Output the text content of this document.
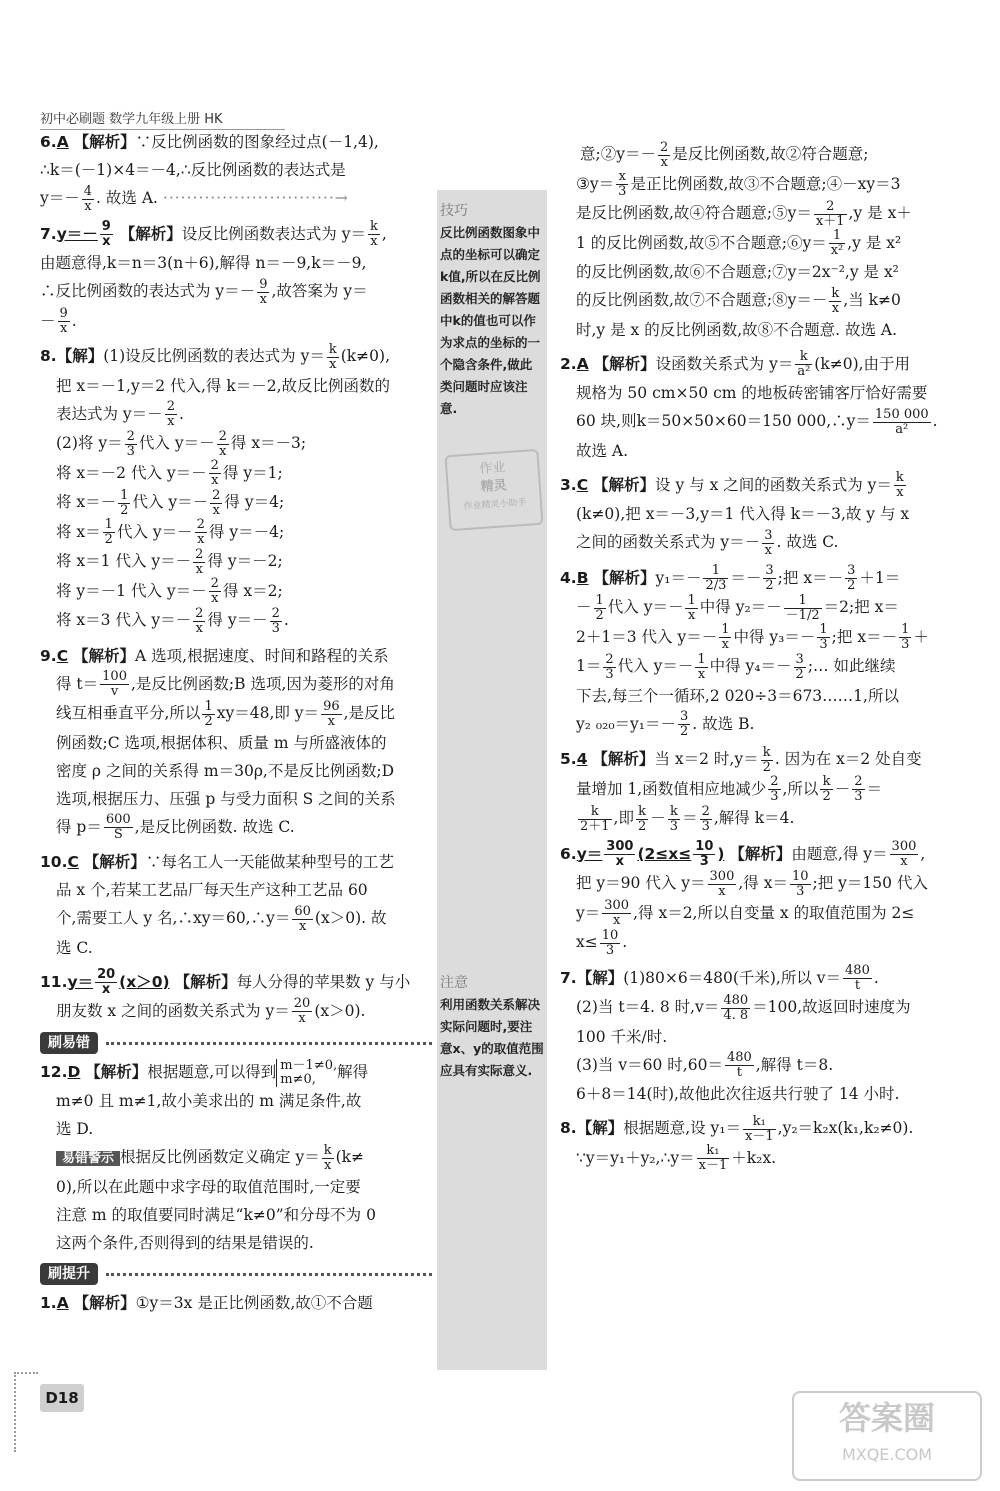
初中必刷题 数学九年级上册 HK
技巧
反比例函数图象中点的坐标可以确定k值,所以在反比例函数相关的解答题中k的值也可以作为求点的坐标的一个隐含条件,做此类问题时应该注意.
作业
精灵
作业精灵小助手
注意
利用函数关系解决实际问题时,要注意x、y的取值范围应具有实际意义.
6.A 【解析】∵反比例函数的图象经过点(－1,4),
∴k＝(－1)×4＝－4,∴反比例函数的表达式是
$y=- \frac{4}{x}$ . 故选 A. ·····························→
$7.y=- \frac{9}{x}$ 【解析】设反比例函数表达式为 $y= \frac{k}{x}$ ,
由题意得,k＝n＝3(n＋6),解得 n＝－9,k＝－9,
∴反比例函数的表达式为 $y=- \frac{9}{x}$ ,故答案为 y＝
－ $\frac{9}{x}$ .
8.【解】(1)设反比例函数的表达式为 $y= \frac{k}{x} (k\ne 0)$,
把 x＝－1,y＝2 代入,得 k＝－2,故反比例函数的
表达式为 $y=- \frac{2}{x}$ .
(2)将 $y= \frac{2}{3}$ 代入 $y=- \frac{2}{x}$ 得 x＝－3;
将 x＝－2 代入 $y=- \frac{2}{x}$ 得 y＝1;
将 $x=- \frac{1}{2}$ 代入 $y=- \frac{2}{x}$ 得 y＝4;
将 $x= \frac{1}{2}$ 代入 $y=- \frac{2}{x}$ 得 y＝－4;
将 x＝1 代入 $y=- \frac{2}{x}$ 得 y＝－2;
将 y＝－1 代入 $y=- \frac{2}{x}$ 得 x＝2;
将 x＝3 代入 $y=- \frac{2}{x}$ 得 $y=- \frac{2}{3}$ .
9.C 【解析】A 选项,根据速度、时间和路程的关系
得 $t= \frac{100}{v}$ ,是反比例函数;B 选项,因为菱形的对角
线互相垂直平分,所以 $\frac{1}{2} xy=48$,即 $y= \frac{96}{x}$ ,是反比
例函数;C 选项,根据体积、质量 m 与所盛液体的
密度 ρ 之间的关系得 m＝30ρ,不是反比例函数;D
选项,根据压力、压强 p 与受力面积 S 之间的关系
得 $p= \frac{600}{S}$ ,是反比例函数. 故选 C.
10.C 【解析】∵每名工人一天能做某种型号的工艺
品 x 个,若某工艺品厂每天生产这种工艺品 60
个,需要工人 y 名,∴xy＝60,∴y＝ $\frac{60}{x} (x>0)$. 故
选 C.
$11.y= \frac{20}{x} (x>0)$ 【解析】每人分得的苹果数 y 与小
朋友数 x 之间的函数关系式为 $y= \frac{20}{x} (x>0)$.
刷易错
12.D 【解析】根据题意,可以得到 m－1≠0,
m≠0,	解得
m≠0 且 m≠1,故小美求出的 m 满足条件,故
选 D.
易错警示 根据反比例函数定义确定 $y= \frac{k}{x} (k\ne$
0),所以在此题中求字母的取值范围时,一定要
注意 m 的取值要同时满足“k≠0”和分母不为 0
这两个条件,否则得到的结果是错误的.
刷提升
1.A 【解析】①y＝3x 是正比例函数,故①不合题
意;②y＝－ $\frac{2}{x}$ 是反比例函数,故②符合题意;
③y＝ $\frac{x}{3}$ 是正比例函数,故③不合题意;④－xy＝3
是反比例函数,故④符合题意;⑤y＝ $\frac{2}{x+1} ,y$ 是 x＋
1 的反比例函数,故⑤不合题意;⑥y＝ $\frac{1}{\text{x²}} ,y$ 是 x²
的反比例函数,故⑥不合题意;⑦y＝2x⁻²,y 是 x²
的反比例函数,故⑦不合题意;⑧y＝－ $\frac{k}{x}$ ,当 k≠0
时,y 是 x 的反比例函数,故⑧不合题意. 故选 A.
2.A 【解析】设函数关系式为 $y= \frac{k}{\text{a²}} (k\ne 0)$,由于用
规格为 50 cm×50 cm 的地板砖密铺客厅恰好需要
60 块,则k＝50×50×60＝150 000,∴y＝ $\frac{150 000}{\text{a²}}$ .
故选 A.
3.C 【解析】设 y 与 x 之间的函数关系式为 $y= \frac{k}{x}$
(k≠0),把 x＝－3,y＝1 代入得 k＝－3,故 y 与 x
之间的函数关系式为 $y=- \frac{3}{x}$ . 故选 C.
4.B 【解析】$y_1=- \frac{1}{2/3} =- \frac{3}{2}$ ;把 $x=- \frac{3}{2} +1=$
－ $\frac{1}{2}$ 代入 $y=- \frac{1}{x}$ 中得 $y_2=- \frac{1}{-1/2} =2$;把 x＝
2＋1＝3 代入 $y=- \frac{1}{x}$ 中得 $y_3=- \frac{1}{3}$ ;把 $x=- \frac{1}{3}$ ＋
$1= \frac{2}{3}$ 代入 $y=- \frac{1}{x}$ 中得 $y_4=- \frac{3}{2}$ ;… 如此继续
下去,每三个一循环,2 020÷3＝673……1,所以
y₂ $_{020}=y_1=- \frac{3}{2}$ . 故选 B.
5.4 【解析】当 x＝2 时$,y= \frac{k}{2}$ . 因为在 x＝2 处自变
量增加 1,函数值相应地减少 $\frac{2}{3}$ ,所以 $\frac{k}{2} - \frac{2}{3}$ ＝
$\frac{k}{2+1}$ ,即 $\frac{k}{2} - \frac{k}{3} = \frac{2}{3}$ ,解得 k＝4.
$6.y= \frac{300}{x} (2\le x\le \frac{10}{3}$ ) 【解析】由题意,得 $y= \frac{300}{x}$ ,
把 y＝90 代入 $y= \frac{300}{x}$ ,得 $x= \frac{10}{3}$ ;把 y＝150 代入
$y= \frac{300}{x}$ ,得 x＝2,所以自变量 x 的取值范围为 2≤
$x\le \frac{10}{3}$ .
7.【解】(1)80×6＝480(千米),所以 $v= \frac{480}{t}$ .
(2)当 t＝4. 8 时$,v= \frac{480}{4. 8} =100$,故返回时速度为
100 千米/时.
(3)当 v＝60 时$,60= \frac{480}{t}$ ,解得 t＝8.
6＋8＝14(时),故他此次往返共行驶了 14 小时.
8.【解】根据题意,设 $y_1= \frac{\text{k₁}}{x-1} ,y_2=k_2x(k_1,k_2\ne 0)$.
∵y＝y₁＋y₂,∴y＝ $\frac{\text{k₁}}{x-1} +k_2x$.
D18
答案圈
MXQE.COM
